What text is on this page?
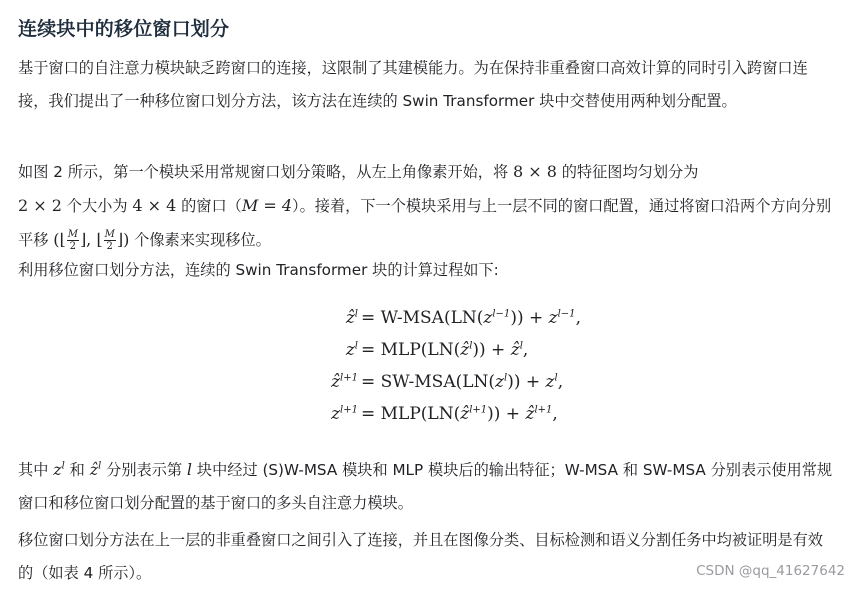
连续块中的移位窗口划分

基于窗口的自注意力模块缺乏跨窗口的连接，这限制了其建模能力。为在保持非重叠窗口高效计算的同时引入跨窗口连接，我们提出了一种移位窗口划分方法，该方法在连续的 Swin Transformer 块中交替使用两种划分配置。

如图 2 所示，第一个模块采用常规窗口划分策略，从左上角像素开始，将 8 × 8 的特征图均匀划分为
2 × 2 个大小为 4 × 4 的窗口（M = 4）。接着，下一个模块采用与上一层不同的窗口配置，通过将窗口沿两个方向分别平移 (⌊ $\frac{M}{2}$ ⌋, ⌊ $\frac{M}{2}$ ⌋) 个像素来实现移位。

利用移位窗口划分方法，连续的 Swin Transformer 块的计算过程如下:

ẑ$^l$ = $W-MSA(LN(z^{l-1})) + z^{l-1}$,
$z^l$ = MLP(LN(ẑ$^l$)) + ẑ$^l$,
ẑ$^{l+1}$ = $SW-MSA(LN(z^l)) + z^l$,
$z^{l+1}$ = MLP(LN(ẑ$^{l+1}$)) + ẑ$^{l+1}$,

其中 $z^l$ 和 ẑ$^l$ 分别表示第 l 块中经过 (S)W-MSA 模块和 MLP 模块后的输出特征；W-MSA 和 SW-MSA 分别表示使用常规窗口和移位窗口划分配置的基于窗口的多头自注意力模块。

移位窗口划分方法在上一层的非重叠窗口之间引入了连接，并且在图像分类、目标检测和语义分割任务中均被证明是有效的（如表 4 所示）。	CSDN @qq_41627642
